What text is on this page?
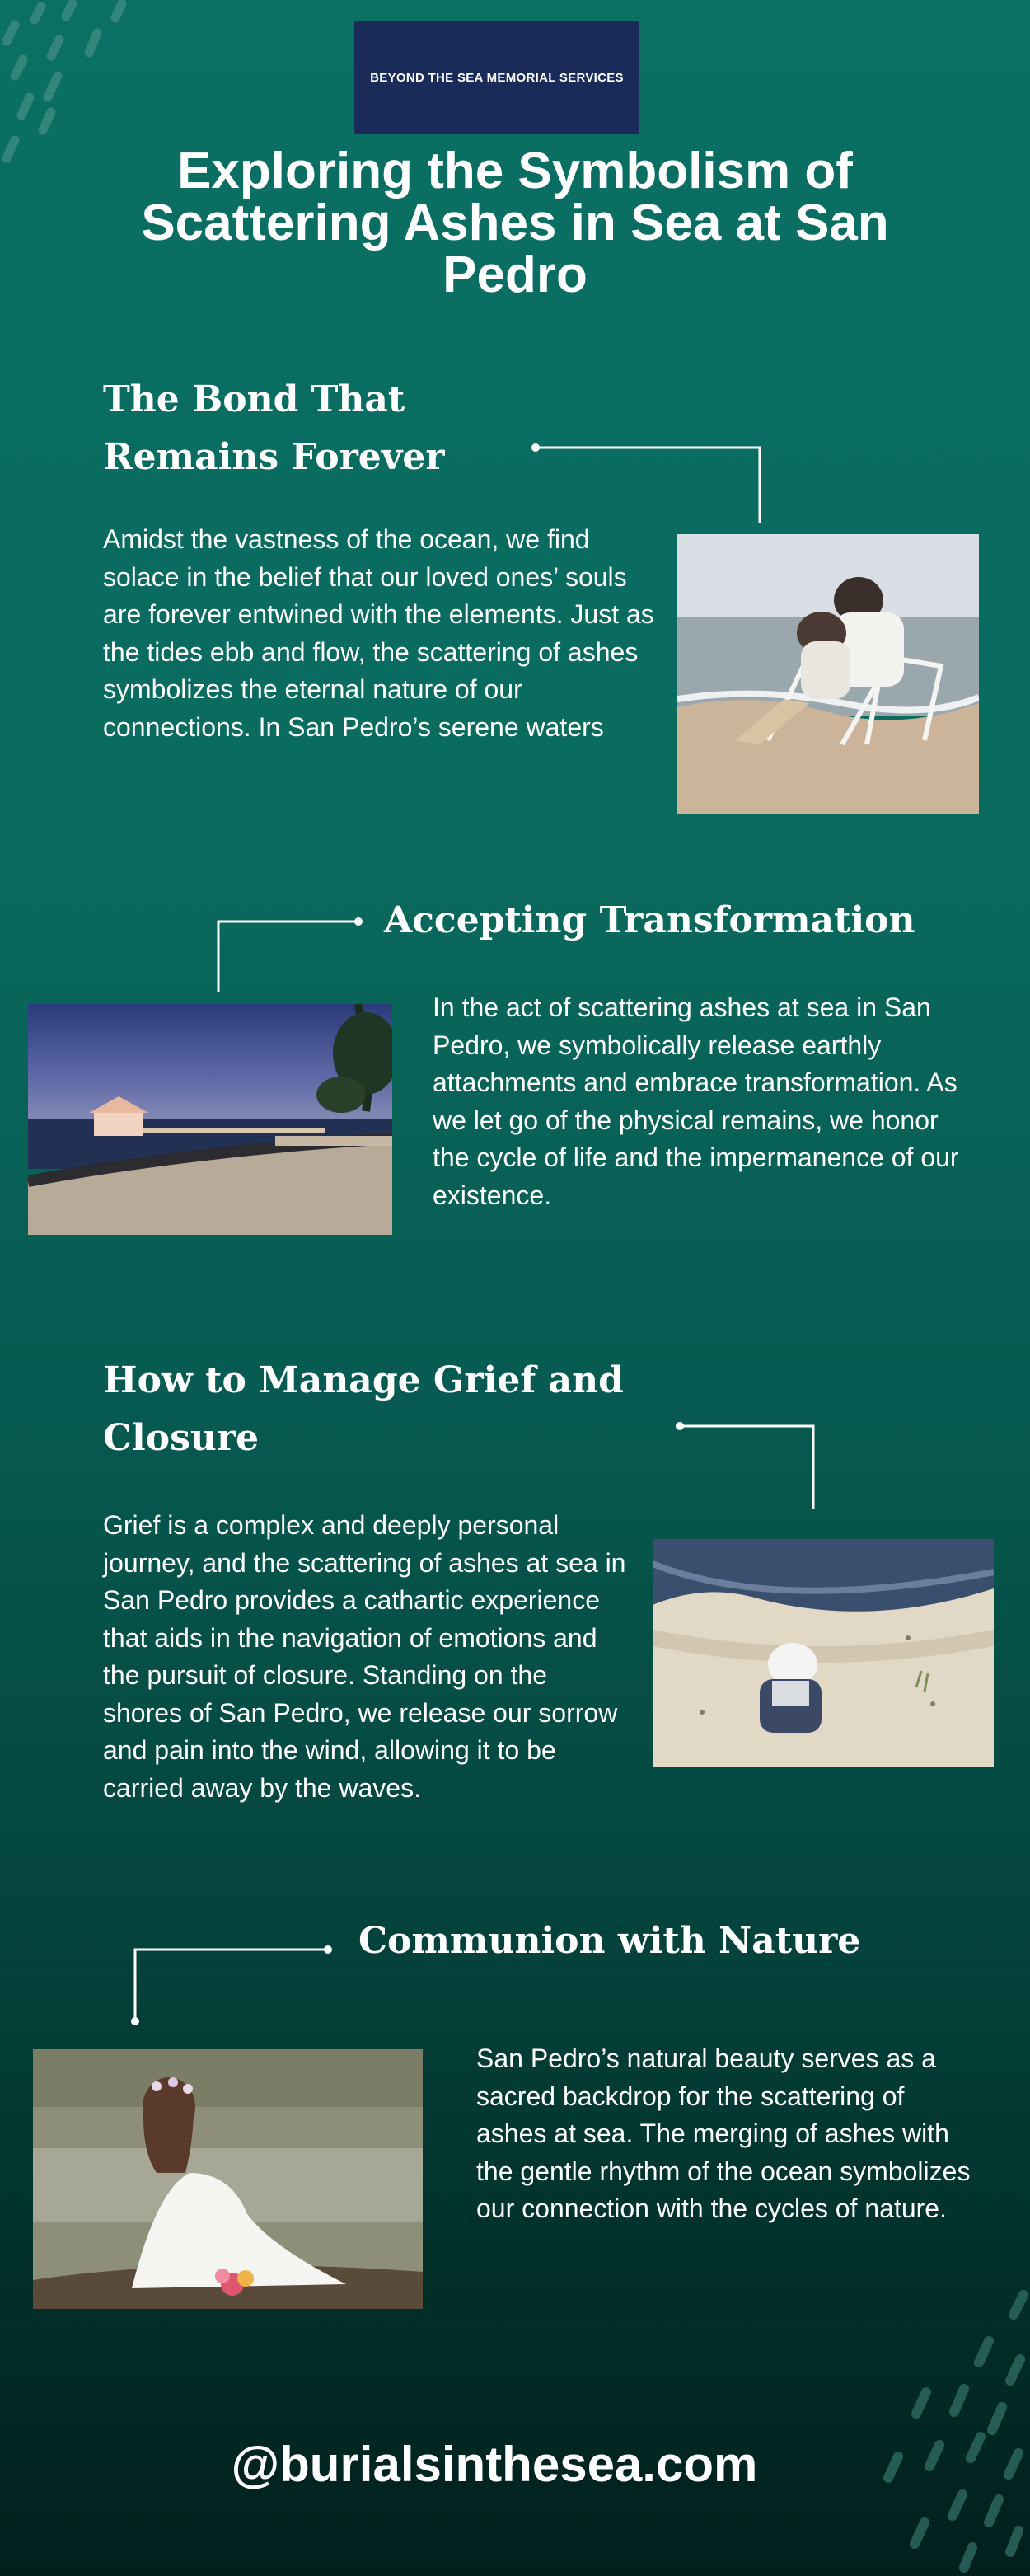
BEYOND THE SEA MEMORIAL SERVICES
Exploring the Symbolism of Scattering Ashes in Sea at San Pedro
The Bond That Remains Forever

Amidst the vastness of the ocean, we find solace in the belief that our loved ones’ souls are forever entwined with the elements. Just as the tides ebb and flow, the scattering of ashes symbolizes the eternal nature of our connections. In San Pedro’s serene waters

Accepting Transformation

In the act of scattering ashes at sea in San Pedro, we symbolically release earthly attachments and embrace transformation. As we let go of the physical remains, we honor the cycle of life and the impermanence of our existence.

How to Manage Grief and Closure

Grief is a complex and deeply personal journey, and the scattering of ashes at sea in San Pedro provides a cathartic experience that aids in the navigation of emotions and the pursuit of closure. Standing on the shores of San Pedro, we release our sorrow and pain into the wind, allowing it to be carried away by the waves.

Communion with Nature

San Pedro’s natural beauty serves as a sacred backdrop for the scattering of ashes at sea. The merging of ashes with the gentle rhythm of the ocean symbolizes our connection with the cycles of nature.

@burialsinthesea.com
